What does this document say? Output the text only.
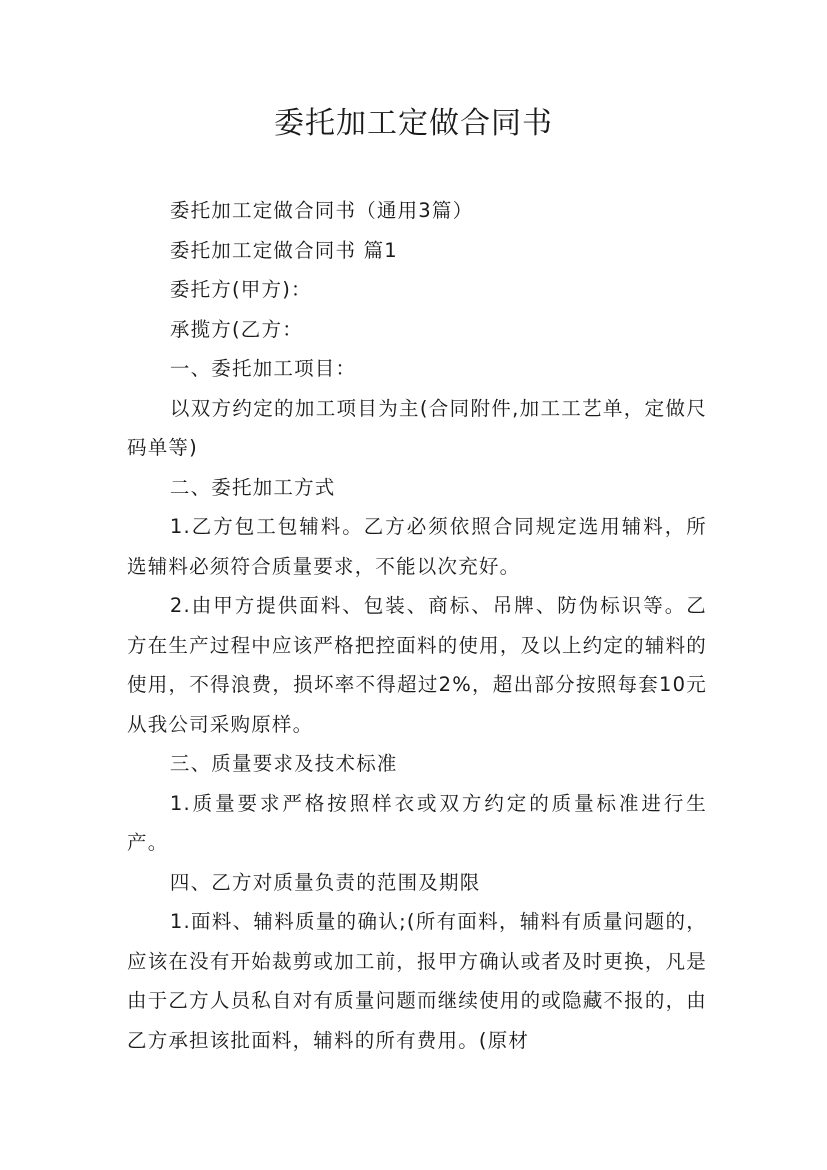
委托加工定做合同书

委托加工定做合同书（通用3篇）

委托加工定做合同书 篇1

委托方(甲方)：

承揽方(乙方：

一、委托加工项目：

以双方约定的加工项目为主(合同附件,加工工艺单，定做尺码单等)

二、委托加工方式

1.乙方包工包辅料。乙方必须依照合同规定选用辅料，所选辅料必须符合质量要求，不能以次充好。

2.由甲方提供面料、包装、商标、吊牌、防伪标识等。乙方在生产过程中应该严格把控面料的使用，及以上约定的辅料的使用，不得浪费，损坏率不得超过2%，超出部分按照每套10元从我公司采购原样。

三、质量要求及技术标准

1.质量要求严格按照样衣或双方约定的质量标准进行生产。

四、乙方对质量负责的范围及期限

1.面料、辅料质量的确认;(所有面料，辅料有质量问题的，应该在没有开始裁剪或加工前，报甲方确认或者及时更换，凡是由于乙方人员私自对有质量问题而继续使用的或隐藏不报的，由乙方承担该批面料，辅料的所有费用。(原材
